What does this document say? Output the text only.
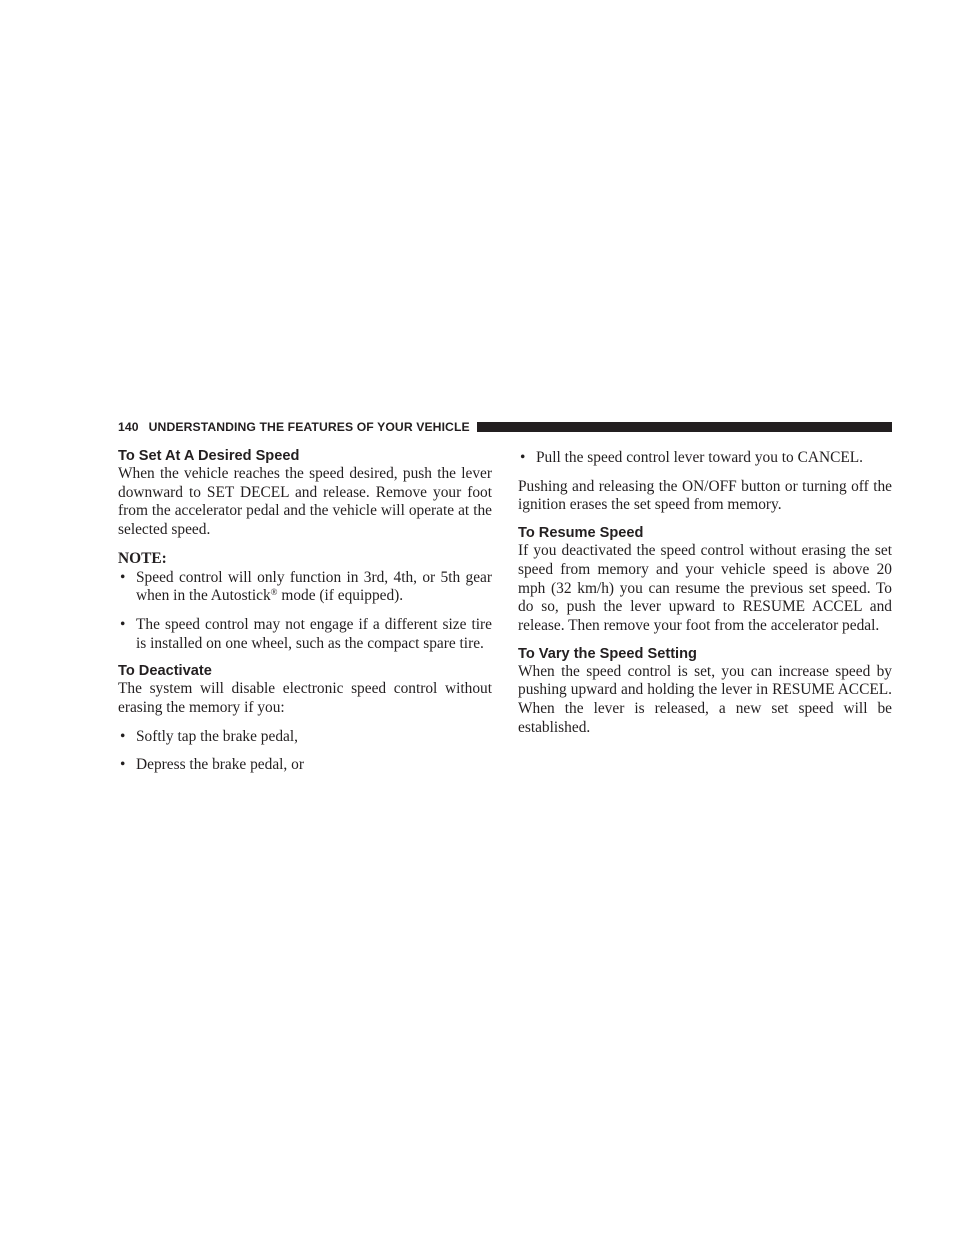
140 UNDERSTANDING THE FEATURES OF YOUR VEHICLE
To Set At A Desired Speed

When the vehicle reaches the speed desired, push the lever downward to SET DECEL and release. Remove your foot from the accelerator pedal and the vehicle will operate at the selected speed.

NOTE:

• Speed control will only function in 3rd, 4th, or 5th gear when in the Autostick® mode (if equipped).
• The speed control may not engage if a different size tire is installed on one wheel, such as the compact spare tire.
To Deactivate

The system will disable electronic speed control without erasing the memory if you:

• Softly tap the brake pedal,
• Depress the brake pedal, or
• Pull the speed control lever toward you to CANCEL.

Pushing and releasing the ON/OFF button or turning off the ignition erases the set speed from memory.

To Resume Speed

If you deactivated the speed control without erasing the set speed from memory and your vehicle speed is above 20 mph (32 km/h) you can resume the previous set speed. To do so, push the lever upward to RESUME ACCEL and release. Then remove your foot from the accelerator pedal.

To Vary the Speed Setting

When the speed control is set, you can increase speed by pushing upward and holding the lever in RESUME ACCEL. When the lever is released, a new set speed will be established.
